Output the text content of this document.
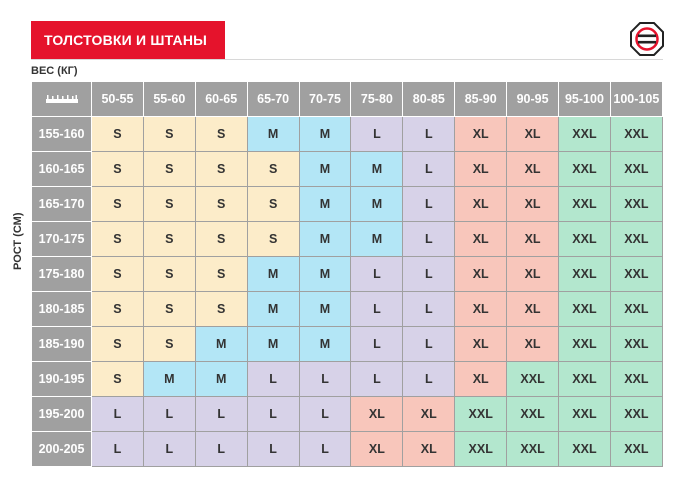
ТОЛСТОВКИ И ШТАНЫ
ВЕС (КГ)
РОСТ (СМ)
	50-55	55-60	60-65	65-70	70-75	75-80	80-85	85-90	90-95	95-100	100-105
155-160	S	S	S	M	M	L	L	XL	XL	XXL	XXL
160-165	S	S	S	S	M	M	L	XL	XL	XXL	XXL
165-170	S	S	S	S	M	M	L	XL	XL	XXL	XXL
170-175	S	S	S	S	M	M	L	XL	XL	XXL	XXL
175-180	S	S	S	M	M	L	L	XL	XL	XXL	XXL
180-185	S	S	S	M	M	L	L	XL	XL	XXL	XXL
185-190	S	S	M	M	M	L	L	XL	XL	XXL	XXL
190-195	S	M	M	L	L	L	L	XL	XXL	XXL	XXL
195-200	L	L	L	L	L	XL	XL	XXL	XXL	XXL	XXL
200-205	L	L	L	L	L	XL	XL	XXL	XXL	XXL	XXL
